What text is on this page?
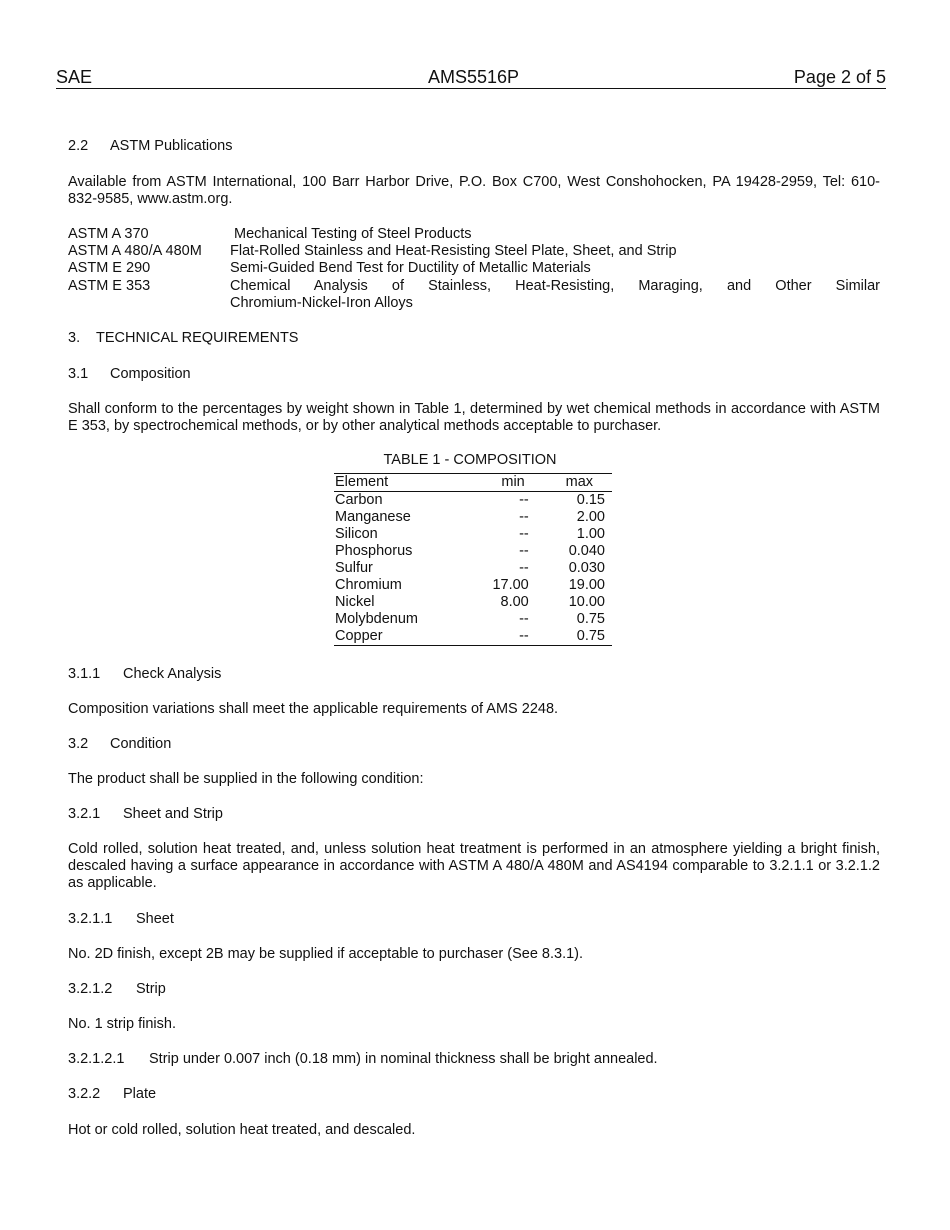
SAE	AMS5516P	Page 2 of 5
2.2 ASTM Publications
Available from ASTM International, 100 Barr Harbor Drive, P.O. Box C700, West Conshohocken, PA 19428-2959, Tel: 610-832-9585, www.astm.org.
ASTM A 370	Mechanical Testing of Steel Products
ASTM A 480/A 480M Flat-Rolled Stainless and Heat-Resisting Steel Plate, Sheet, and Strip
ASTM E 290	Semi-Guided Bend Test for Ductility of Metallic Materials
ASTM E 353	Chemical Analysis of Stainless, Heat-Resisting, Maraging, and Other Similar
Chromium-Nickel-Iron Alloys
3. TECHNICAL REQUIREMENTS
3.1 Composition
Shall conform to the percentages by weight shown in Table 1, determined by wet chemical methods in accordance with ASTM E 353, by spectrochemical methods, or by other analytical methods acceptable to purchaser.
TABLE 1 - COMPOSITION
Element	min	max
Carbon	--	0.15
Manganese	--	2.00
Silicon	--	1.00
Phosphorus	--	0.040
Sulfur	--	0.030
Chromium	17.00	19.00
Nickel	8.00	10.00
Molybdenum	--	0.75
Copper	--	0.75
3.1.1 Check Analysis
Composition variations shall meet the applicable requirements of AMS 2248.
3.2 Condition
The product shall be supplied in the following condition:
3.2.1 Sheet and Strip
Cold rolled, solution heat treated, and, unless solution heat treatment is performed in an atmosphere yielding a bright finish, descaled having a surface appearance in accordance with ASTM A 480/A 480M and AS4194 comparable to 3.2.1.1 or 3.2.1.2 as applicable.
3.2.1.1 Sheet
No. 2D finish, except 2B may be supplied if acceptable to purchaser (See 8.3.1).
3.2.1.2 Strip
No. 1 strip finish.
3.2.1.2.1 Strip under 0.007 inch (0.18 mm) in nominal thickness shall be bright annealed.
3.2.2 Plate
Hot or cold rolled, solution heat treated, and descaled.
